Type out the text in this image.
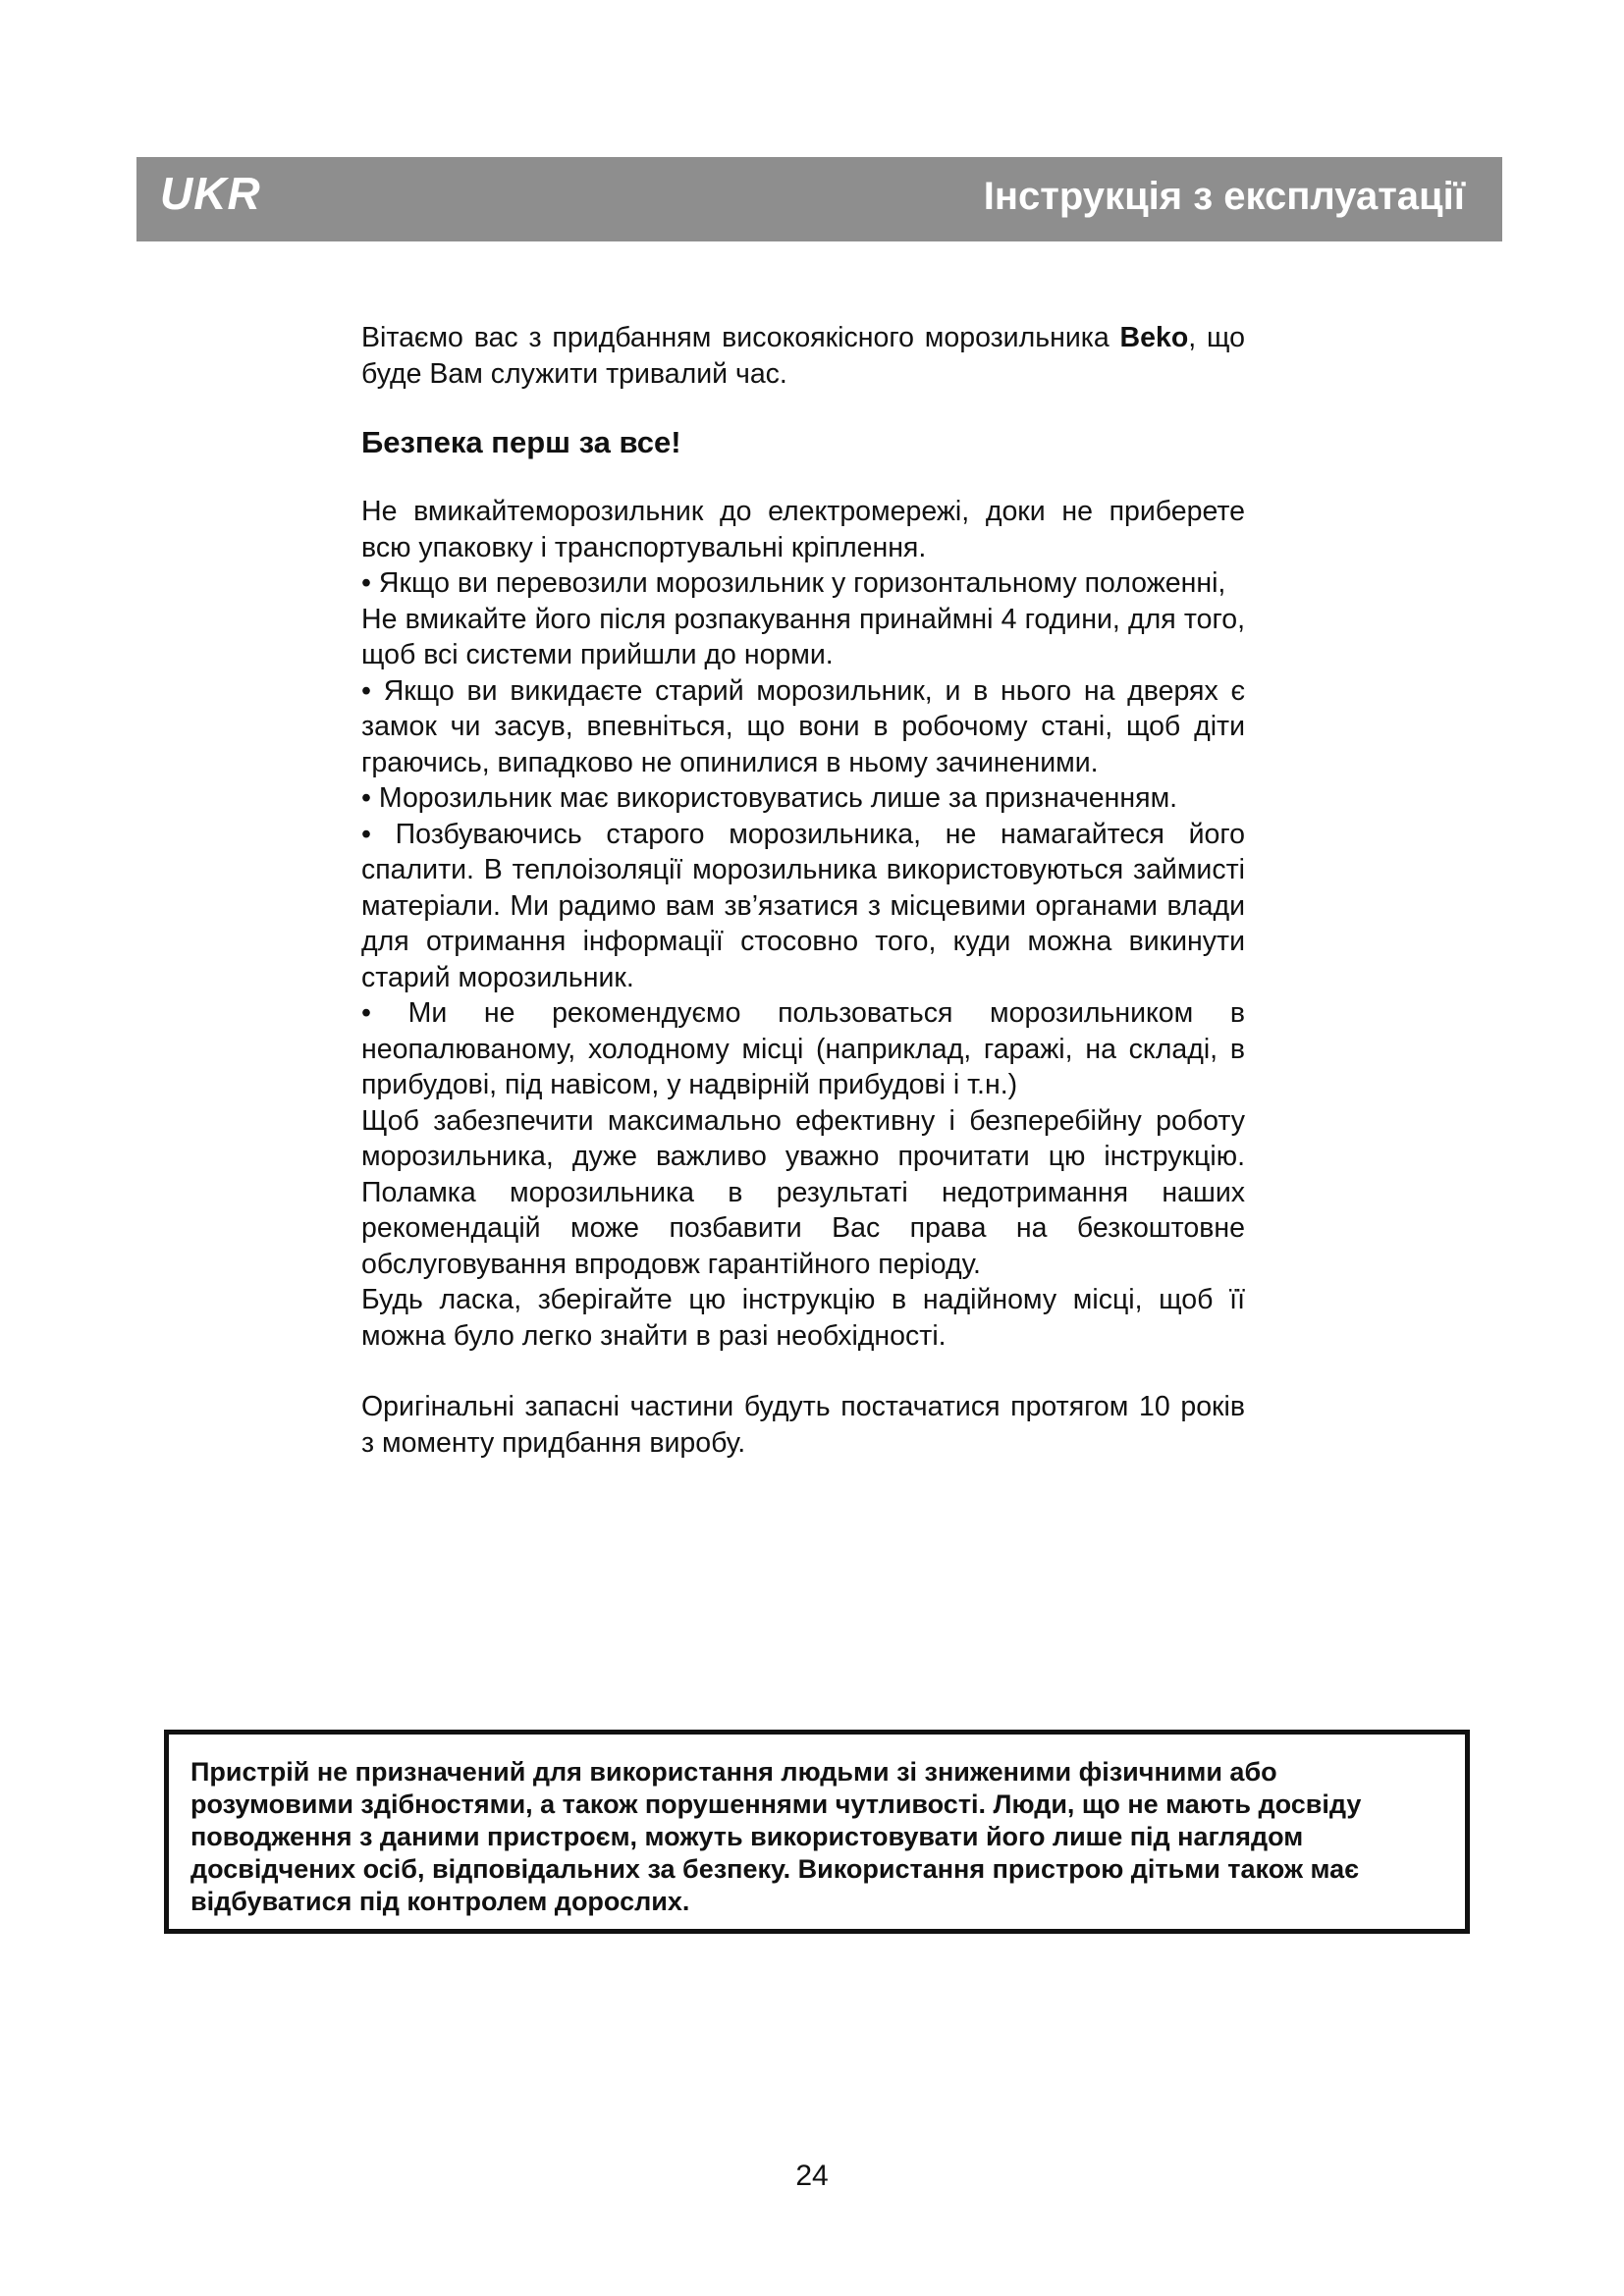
UKR	Інструкція з експлуатації

Вітаємо вас з придбанням високоякісного морозильника Beko, що буде Вам служити тривалий час.

Безпека перш за все!

Не вмикайтеморозильник до електромережі, доки не приберете всю упаковку і транспортувальні кріплення.

• Якщо ви перевозили морозильник у горизонтальному положенні,

Не вмикайте його після розпакування принаймні 4 години, для того, щоб всі системи прийшли до норми.

• Якщо ви викидаєте старий морозильник, и в нього на дверях є замок чи засув, впевніться, що вони в робочому стані, щоб діти граючись, випадково не опинилися в ньому зачиненими.

• Морозильник має використовуватись лише за призначенням.

• Позбуваючись старого морозильника, не намагайтеся його спалити. В теплоізоляції морозильника використовуються займисті матеріали. Ми радимо вам зв’язатися з місцевими органами влади для отримання інформації стосовно того, куди можна викинути старий морозильник.

• Ми не рекомендуємо пользоваться морозильником в неопалюваному, холодному місці (наприклад, гаражі, на складі, в прибудові, під навісом, у надвірній прибудові і т.н.)

Щоб забезпечити максимально ефективну і безперебійну роботу морозильника, дуже важливо уважно прочитати цю інструкцію. Поламка морозильника в результаті недотримання наших рекомендацій може позбавити Вас права на безкоштовне обслуговування впродовж гарантійного періоду.

Будь ласка, зберігайте цю інструкцію в надійному місці, щоб її можна було легко знайти в разі необхідності.

Оригінальні запасні частини будуть постачатися протягом 10 років з моменту придбання виробу.

Пристрій не призначений для використання людьми зі зниженими фізичними або розумовими здібностями, а також порушеннями чутливості. Люди, що не мають досвіду поводження з даними пристроєм, можуть використовувати його лише під наглядом досвідчених осіб, відповідальних за безпеку. Використання пристрою дітьми також має відбуватися під контролем дорослих.

24
